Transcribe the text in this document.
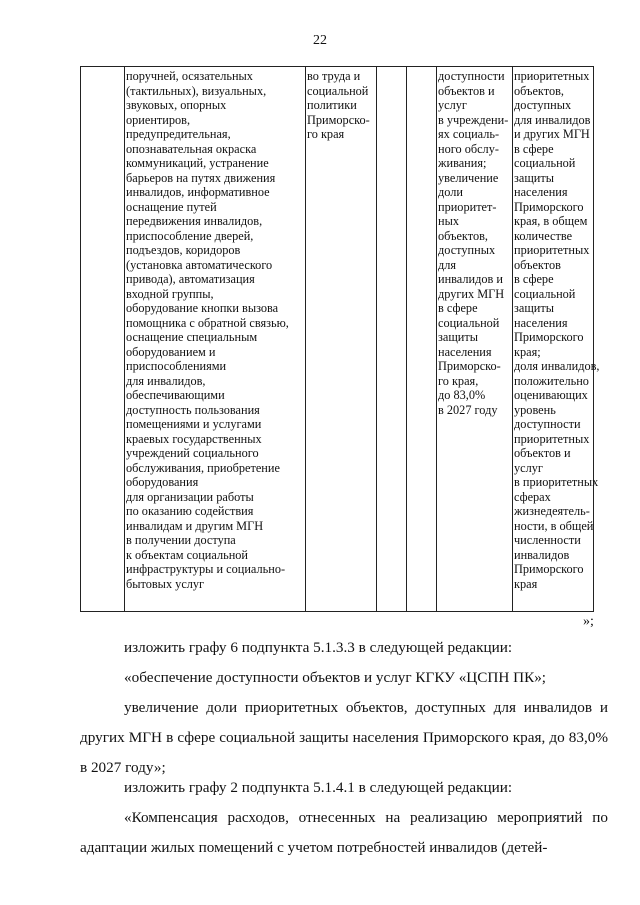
22
поручней, осязательных
(тактильных), визуальных,
звуковых, опорных
ориентиров,
предупредительная,
опознавательная окраска
коммуникаций, устранение
барьеров на путях движения
инвалидов, информативное
оснащение путей
передвижения инвалидов,
приспособление дверей,
подъездов, коридоров
(установка автоматического
привода), автоматизация
входной группы,
оборудование кнопки вызова
помощника с обратной связью,
оснащение специальным
оборудованием и
приспособлениями
для инвалидов,
обеспечивающими
доступность пользования
помещениями и услугами
краевых государственных
учреждений социального
обслуживания, приобретение
оборудования
для организации работы
по оказанию содействия
инвалидам и другим МГН
в получении доступа
к объектам социальной
инфраструктуры и социально-
бытовых услуг
во труда и
социальной
политики
Приморско-
го края
доступности
объектов и
услуг
в учреждени-
ях социаль-
ного обслу-
живания;
увеличение
доли
приоритет-
ных
объектов,
доступных
для
инвалидов и
других МГН
в сфере
социальной
защиты
населения
Приморско-
го края,
до 83,0%
в 2027 году
приоритетных
объектов,
доступных
для инвалидов
и других МГН
в сфере
социальной
защиты
населения
Приморского
края, в общем
количестве
приоритетных
объектов
в сфере
социальной
защиты
населения
Приморского
края;
доля инвалидов,
положительно
оценивающих
уровень
доступности
приоритетных
объектов и
услуг
в приоритетных
сферах
жизнедеятель-
ности, в общей
численности
инвалидов
Приморского
края
»;
изложить графу 6 подпункта 5.1.3.3 в следующей редакции:
«обеспечение доступности объектов и услуг КГКУ «ЦСПН ПК»;
увеличение доли приоритетных объектов, доступных для инвалидов и других МГН в сфере социальной защиты населения Приморского края, до 83,0% в 2027 году»;
изложить графу 2 подпункта 5.1.4.1 в следующей редакции:
«Компенсация расходов, отнесенных на реализацию мероприятий по адаптации жилых помещений с учетом потребностей инвалидов (детей-
